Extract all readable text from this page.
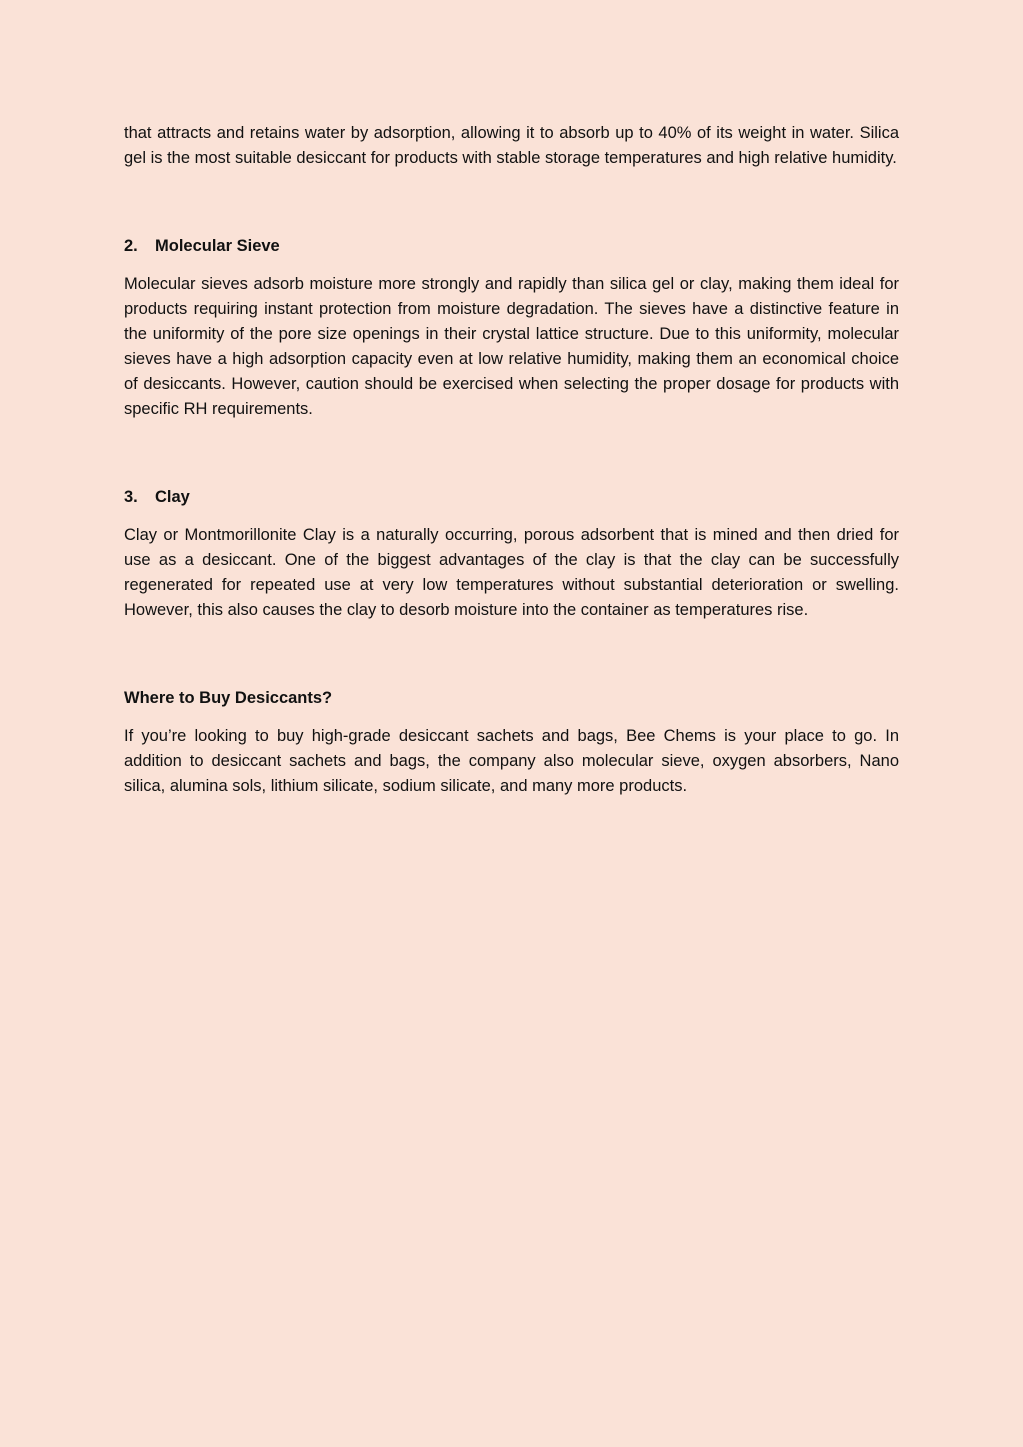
that attracts and retains water by adsorption, allowing it to absorb up to 40% of its weight in water. Silica gel is the most suitable desiccant for products with stable storage temperatures and high relative humidity.

2.	Molecular Sieve

Molecular sieves adsorb moisture more strongly and rapidly than silica gel or clay, making them ideal for products requiring instant protection from moisture degradation. The sieves have a distinctive feature in the uniformity of the pore size openings in their crystal lattice structure. Due to this uniformity, molecular sieves have a high adsorption capacity even at low relative humidity, making them an economical choice of desiccants. However, caution should be exercised when selecting the proper dosage for products with specific RH requirements.

3.	Clay

Clay or Montmorillonite Clay is a naturally occurring, porous adsorbent that is mined and then dried for use as a desiccant. One of the biggest advantages of the clay is that the clay can be successfully regenerated for repeated use at very low temperatures without substantial deterioration or swelling. However, this also causes the clay to desorb moisture into the container as temperatures rise.

Where to Buy Desiccants?

If you’re looking to buy high-grade desiccant sachets and bags, Bee Chems is your place to go. In addition to desiccant sachets and bags, the company also molecular sieve, oxygen absorbers, Nano silica, alumina sols, lithium silicate, sodium silicate, and many more products.
